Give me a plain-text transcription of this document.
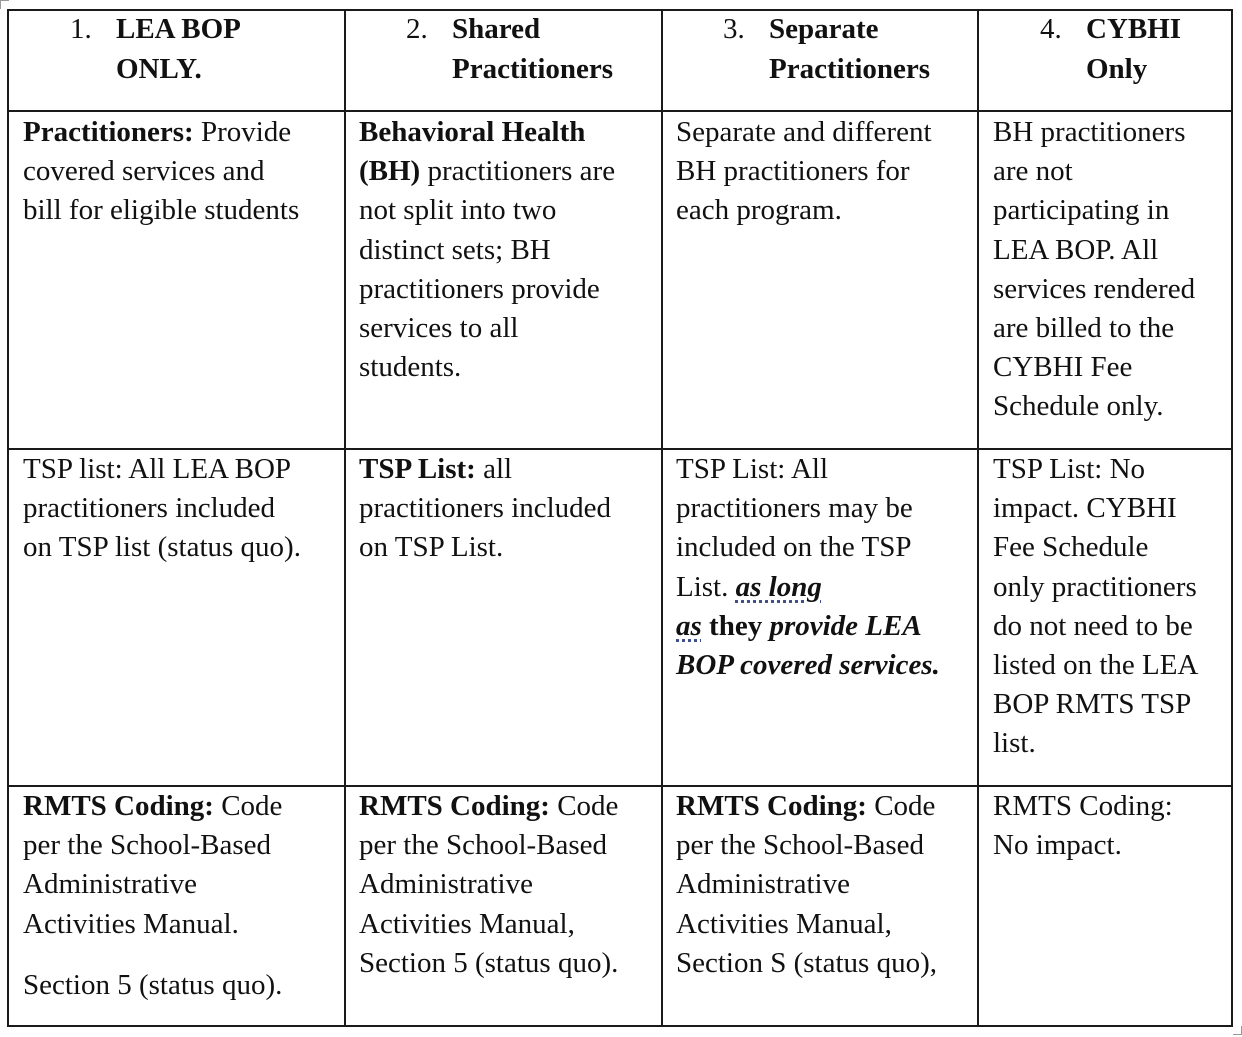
1. LEA BOP
ONLY.
2. Shared
Practitioners
3. Separate
Practitioners
4. CYBHI
Only
Practitioners: Provide
covered services and
bill for eligible students
Behavioral Health
(BH) practitioners are
not split into two
distinct sets; BH
practitioners provide
services to all
students.
Separate and different
BH practitioners for
each program.
BH practitioners
are not
participating in
LEA BOP. All
services rendered
are billed to the
CYBHI Fee
Schedule only.
TSP list: All LEA BOP
practitioners included
on TSP list (status quo).
TSP List: all
practitioners included
on TSP List.
TSP List: All
practitioners may be
included on the TSP
List. as long
as they provide LEA
BOP covered services.
TSP List: No
impact. CYBHI
Fee Schedule
only practitioners
do not need to be
listed on the LEA
BOP RMTS TSP
list.
RMTS Coding: Code
per the School-Based
Administrative
Activities Manual.
Section 5 (status quo).
RMTS Coding: Code
per the School-Based
Administrative
Activities Manual,
Section 5 (status quo).
RMTS Coding: Code
per the School-Based
Administrative
Activities Manual,
Section S (status quo),
RMTS Coding:
No impact.
